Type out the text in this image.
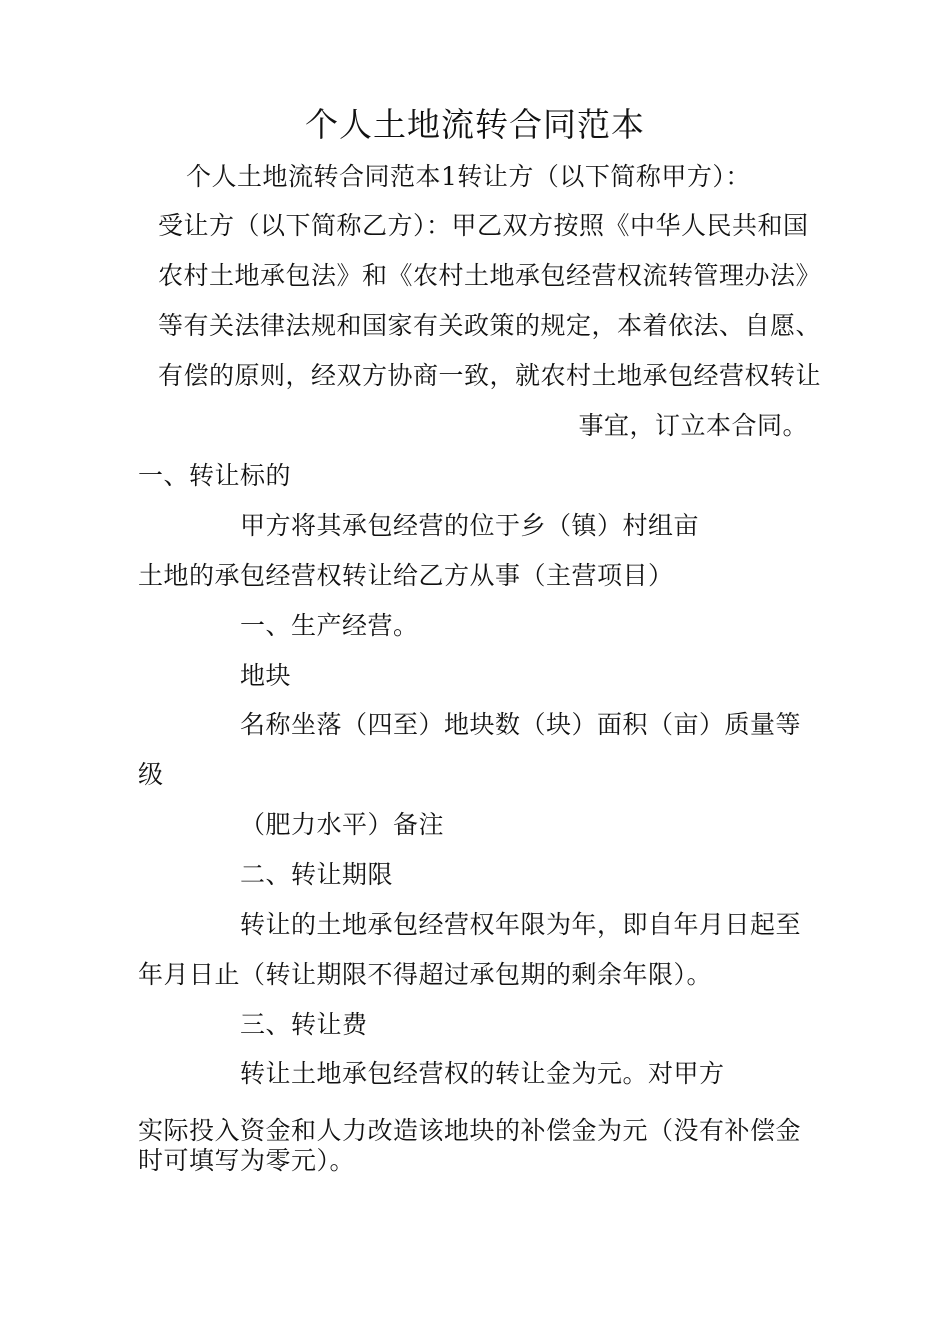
个人土地流转合同范本
个人土地流转合同范本1转让方（以下简称甲方）：
受让方（以下简称乙方）：甲乙双方按照《中华人民共和国
农村土地承包法》和《农村土地承包经营权流转管理办法》
等有关法律法规和国家有关政策的规定，本着依法、自愿、
有偿的原则，经双方协商一致，就农村土地承包经营权转让
事宜，订立本合同。
一、转让标的
甲方将其承包经营的位于乡（镇）村组亩
土地的承包经营权转让给乙方从事（主营项目）
一、生产经营。
地块
名称坐落（四至）地块数（块）面积（亩）质量等
级
（肥力水平）备注
二、转让期限
转让的土地承包经营权年限为年，即自年月日起至
年月日止（转让期限不得超过承包期的剩余年限）。
三、转让费
转让土地承包经营权的转让金为元。对甲方
实际投入资金和人力改造该地块的补偿金为元（没有补偿金
时可填写为零元）。
